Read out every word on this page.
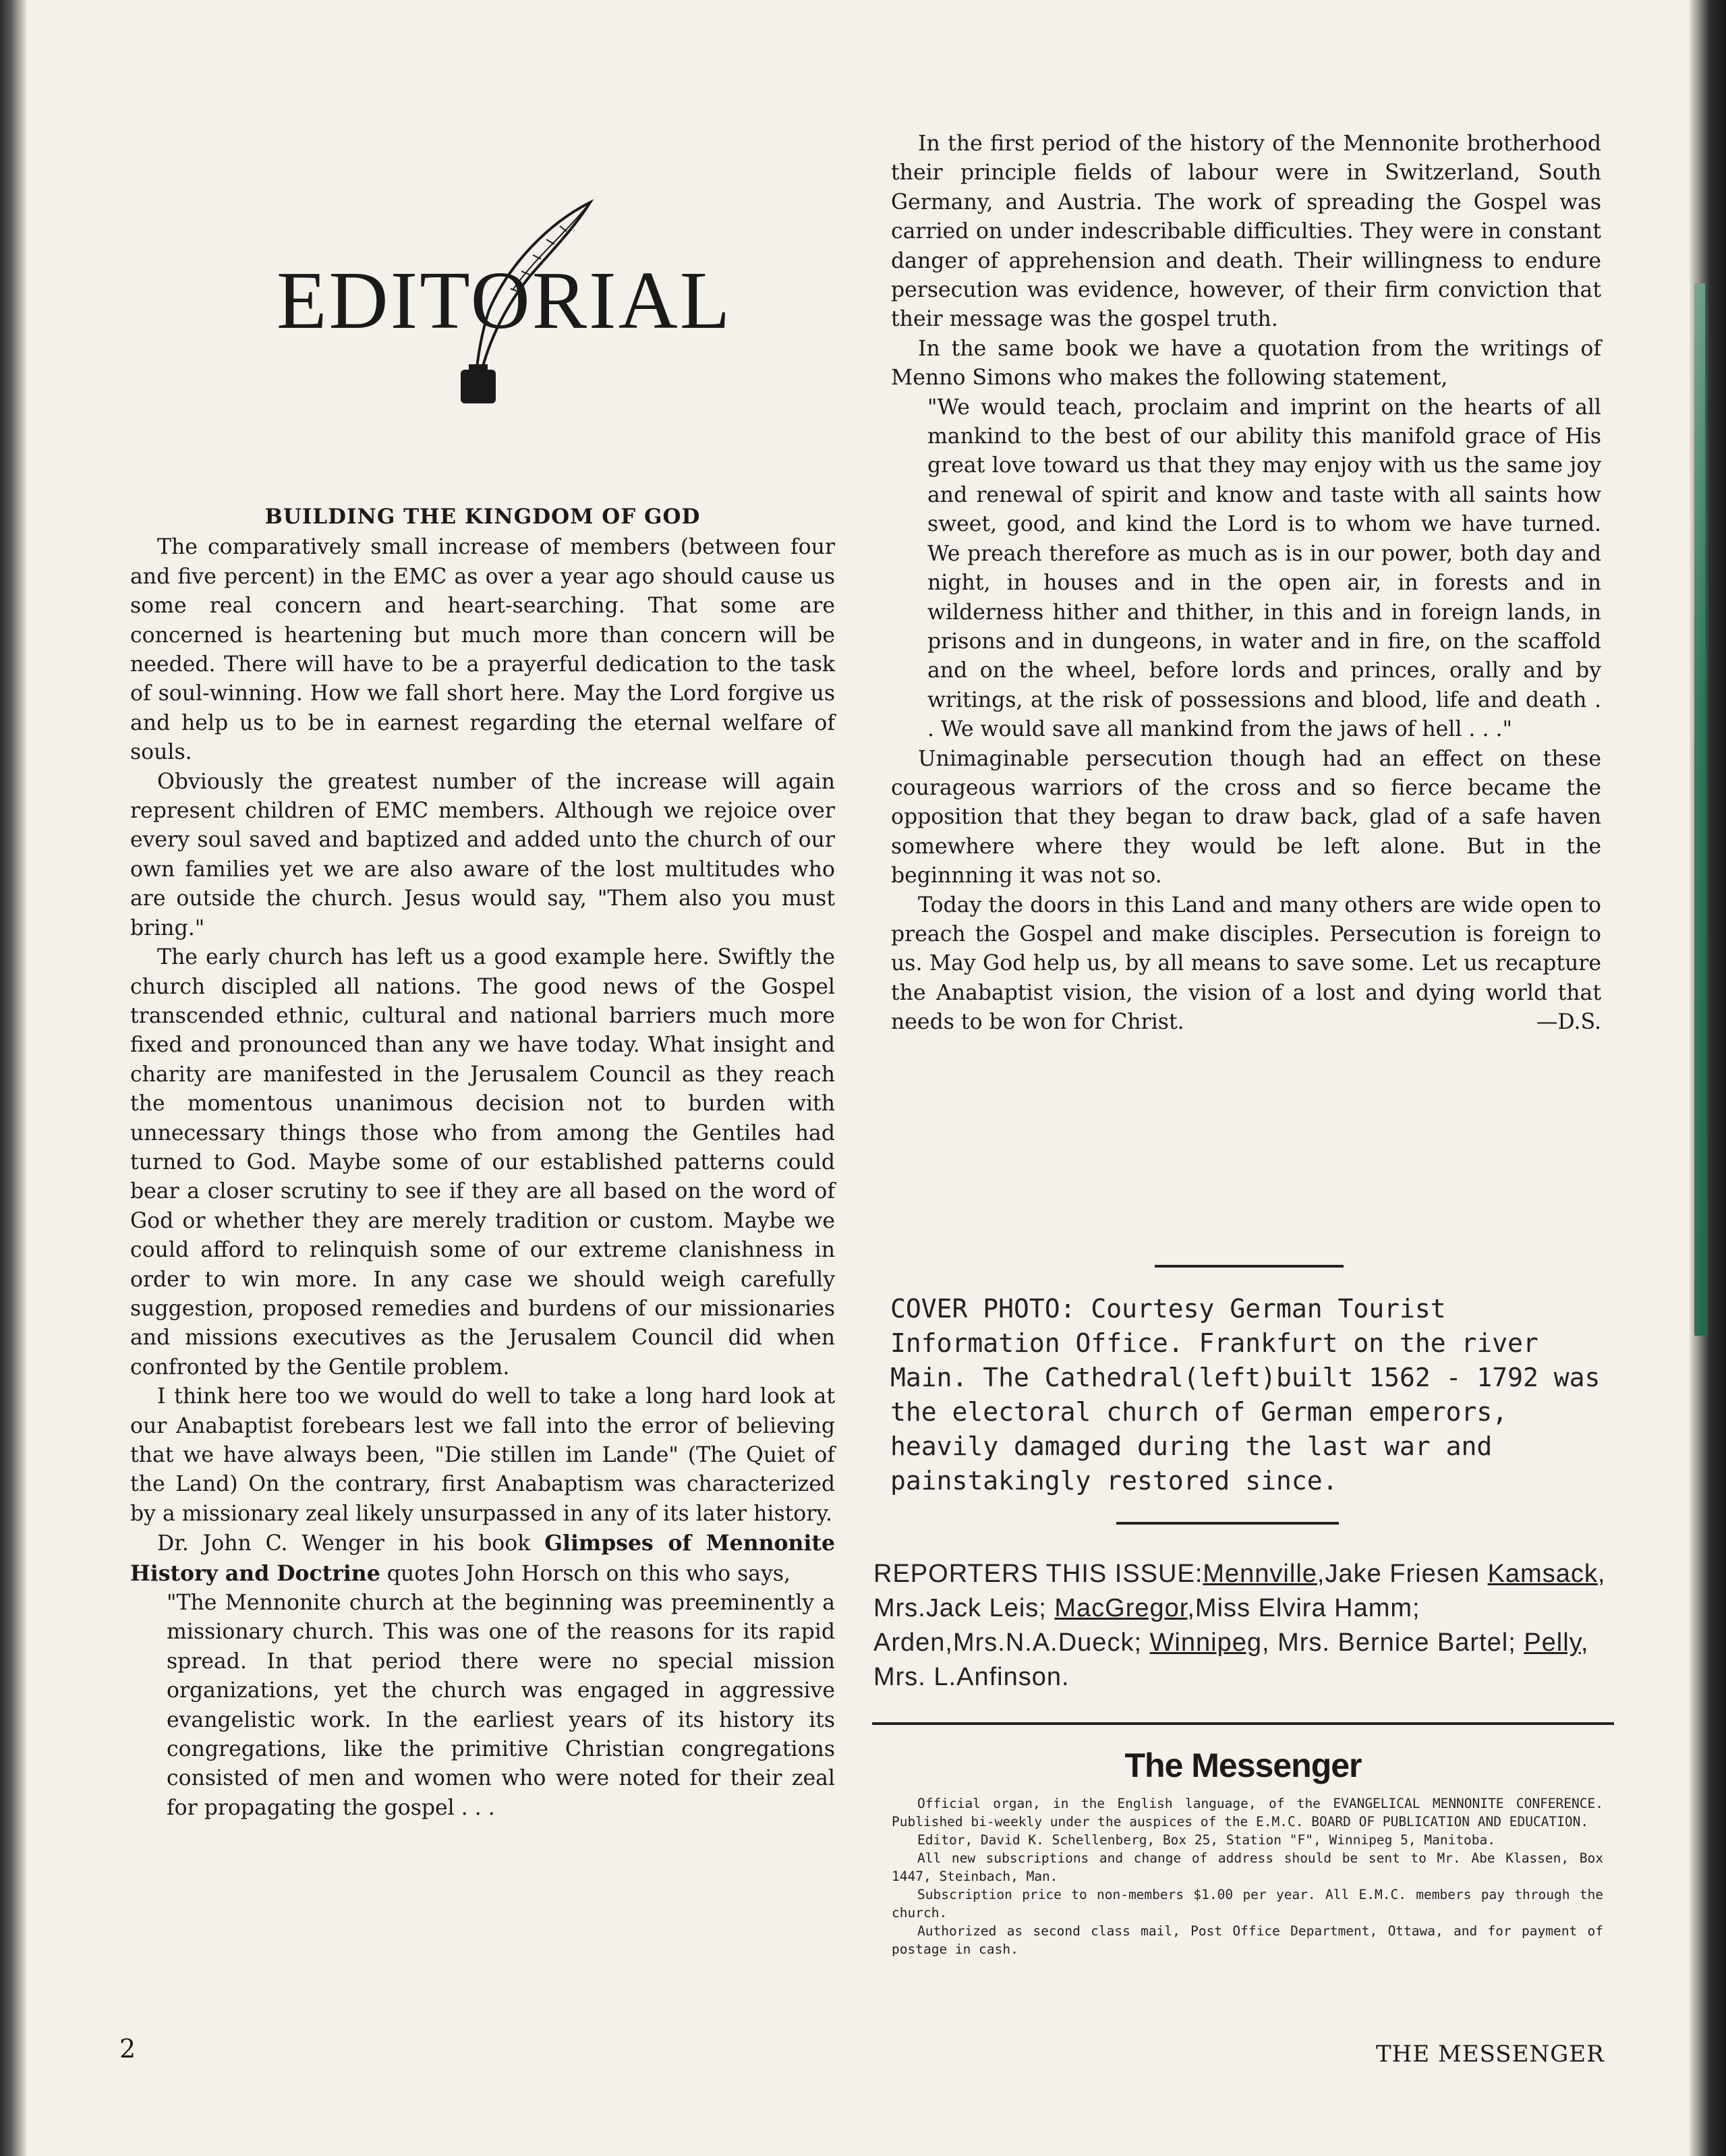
EDITORIAL
BUILDING THE KINGDOM OF GOD

The comparatively small increase of members (between four and five percent) in the EMC as over a year ago should cause us some real concern and heart-searching. That some are concerned is heartening but much more than concern will be needed. There will have to be a prayerful dedication to the task of soul-winning. How we fall short here. May the Lord forgive us and help us to be in earnest regarding the eternal welfare of souls.

Obviously the greatest number of the increase will again represent children of EMC members. Although we rejoice over every soul saved and baptized and added unto the church of our own families yet we are also aware of the lost multitudes who are outside the church. Jesus would say, "Them also you must bring."

The early church has left us a good example here. Swiftly the church discipled all nations. The good news of the Gospel transcended ethnic, cultural and national barriers much more fixed and pronounced than any we have today. What insight and charity are manifested in the Jerusalem Council as they reach the momentous unanimous decision not to burden with unnecessary things those who from among the Gentiles had turned to God. Maybe some of our established patterns could bear a closer scrutiny to see if they are all based on the word of God or whether they are merely tradition or custom. Maybe we could afford to relinquish some of our extreme clanishness in order to win more. In any case we should weigh carefully suggestion, proposed remedies and burdens of our missionaries and missions executives as the Jerusalem Council did when confronted by the Gentile problem.

I think here too we would do well to take a long hard look at our Anabaptist forebears lest we fall into the error of believing that we have always been, "Die stillen im Lande" (The Quiet of the Land) On the contrary, first Anabaptism was characterized by a missionary zeal likely unsurpassed in any of its later history.

Dr. John C. Wenger in his book Glimpses of Mennonite History and Doctrine quotes John Horsch on this who says,

"The Mennonite church at the beginning was preeminently a missionary church. This was one of the reasons for its rapid spread. In that period there were no special mission organizations, yet the church was engaged in aggressive evangelistic work. In the earliest years of its history its congregations, like the primitive Christian congregations consisted of men and women who were noted for their zeal for propagating the gospel . . .

In the first period of the history of the Mennonite brotherhood their principle fields of labour were in Switzerland, South Germany, and Austria. The work of spreading the Gospel was carried on under indescribable difficulties. They were in constant danger of apprehension and death. Their willingness to endure persecution was evidence, however, of their firm conviction that their message was the gospel truth.

In the same book we have a quotation from the writings of Menno Simons who makes the following statement,

"We would teach, proclaim and imprint on the hearts of all mankind to the best of our ability this manifold grace of His great love toward us that they may enjoy with us the same joy and renewal of spirit and know and taste with all saints how sweet, good, and kind the Lord is to whom we have turned. We preach therefore as much as is in our power, both day and night, in houses and in the open air, in forests and in wilderness hither and thither, in this and in foreign lands, in prisons and in dungeons, in water and in fire, on the scaffold and on the wheel, before lords and princes, orally and by writings, at the risk of possessions and blood, life and death . . We would save all mankind from the jaws of hell . . ."

Unimaginable persecution though had an effect on these courageous warriors of the cross and so fierce became the opposition that they began to draw back, glad of a safe haven somewhere where they would be left alone. But in the beginnning it was not so.

Today the doors in this Land and many others are wide open to preach the Gospel and make disciples. Persecution is foreign to us. May God help us, by all means to save some. Let us recapture the Anabaptist vision, the vision of a lost and dying world that needs to be won for Christ.	—D.S.

COVER PHOTO: Courtesy German Tourist Information Office. Frankfurt on the river Main. The Cathedral(left)built 1562 - 1792 was the electoral church of German emperors, heavily damaged during the last war and painstakingly restored since.
REPORTERS THIS ISSUE:Mennville,Jake Friesen Kamsack, Mrs.Jack Leis; MacGregor,Miss Elvira Hamm; Arden,Mrs.N.A.Dueck; Winnipeg, Mrs. Bernice Bartel; Pelly, Mrs. L.Anfinson.
The Messenger

Official organ, in the English language, of the EVANGELICAL MENNONITE CONFERENCE. Published bi-weekly under the auspices of the E.M.C. BOARD OF PUBLICATION AND EDUCATION.

Editor, David K. Schellenberg, Box 25, Station "F", Winnipeg 5, Manitoba.

All new subscriptions and change of address should be sent to Mr. Abe Klassen, Box 1447, Steinbach, Man.

Subscription price to non-members $1.00 per year. All E.M.C. members pay through the church.

Authorized as second class mail, Post Office Department, Ottawa, and for payment of postage in cash.

2	THE MESSENGER
